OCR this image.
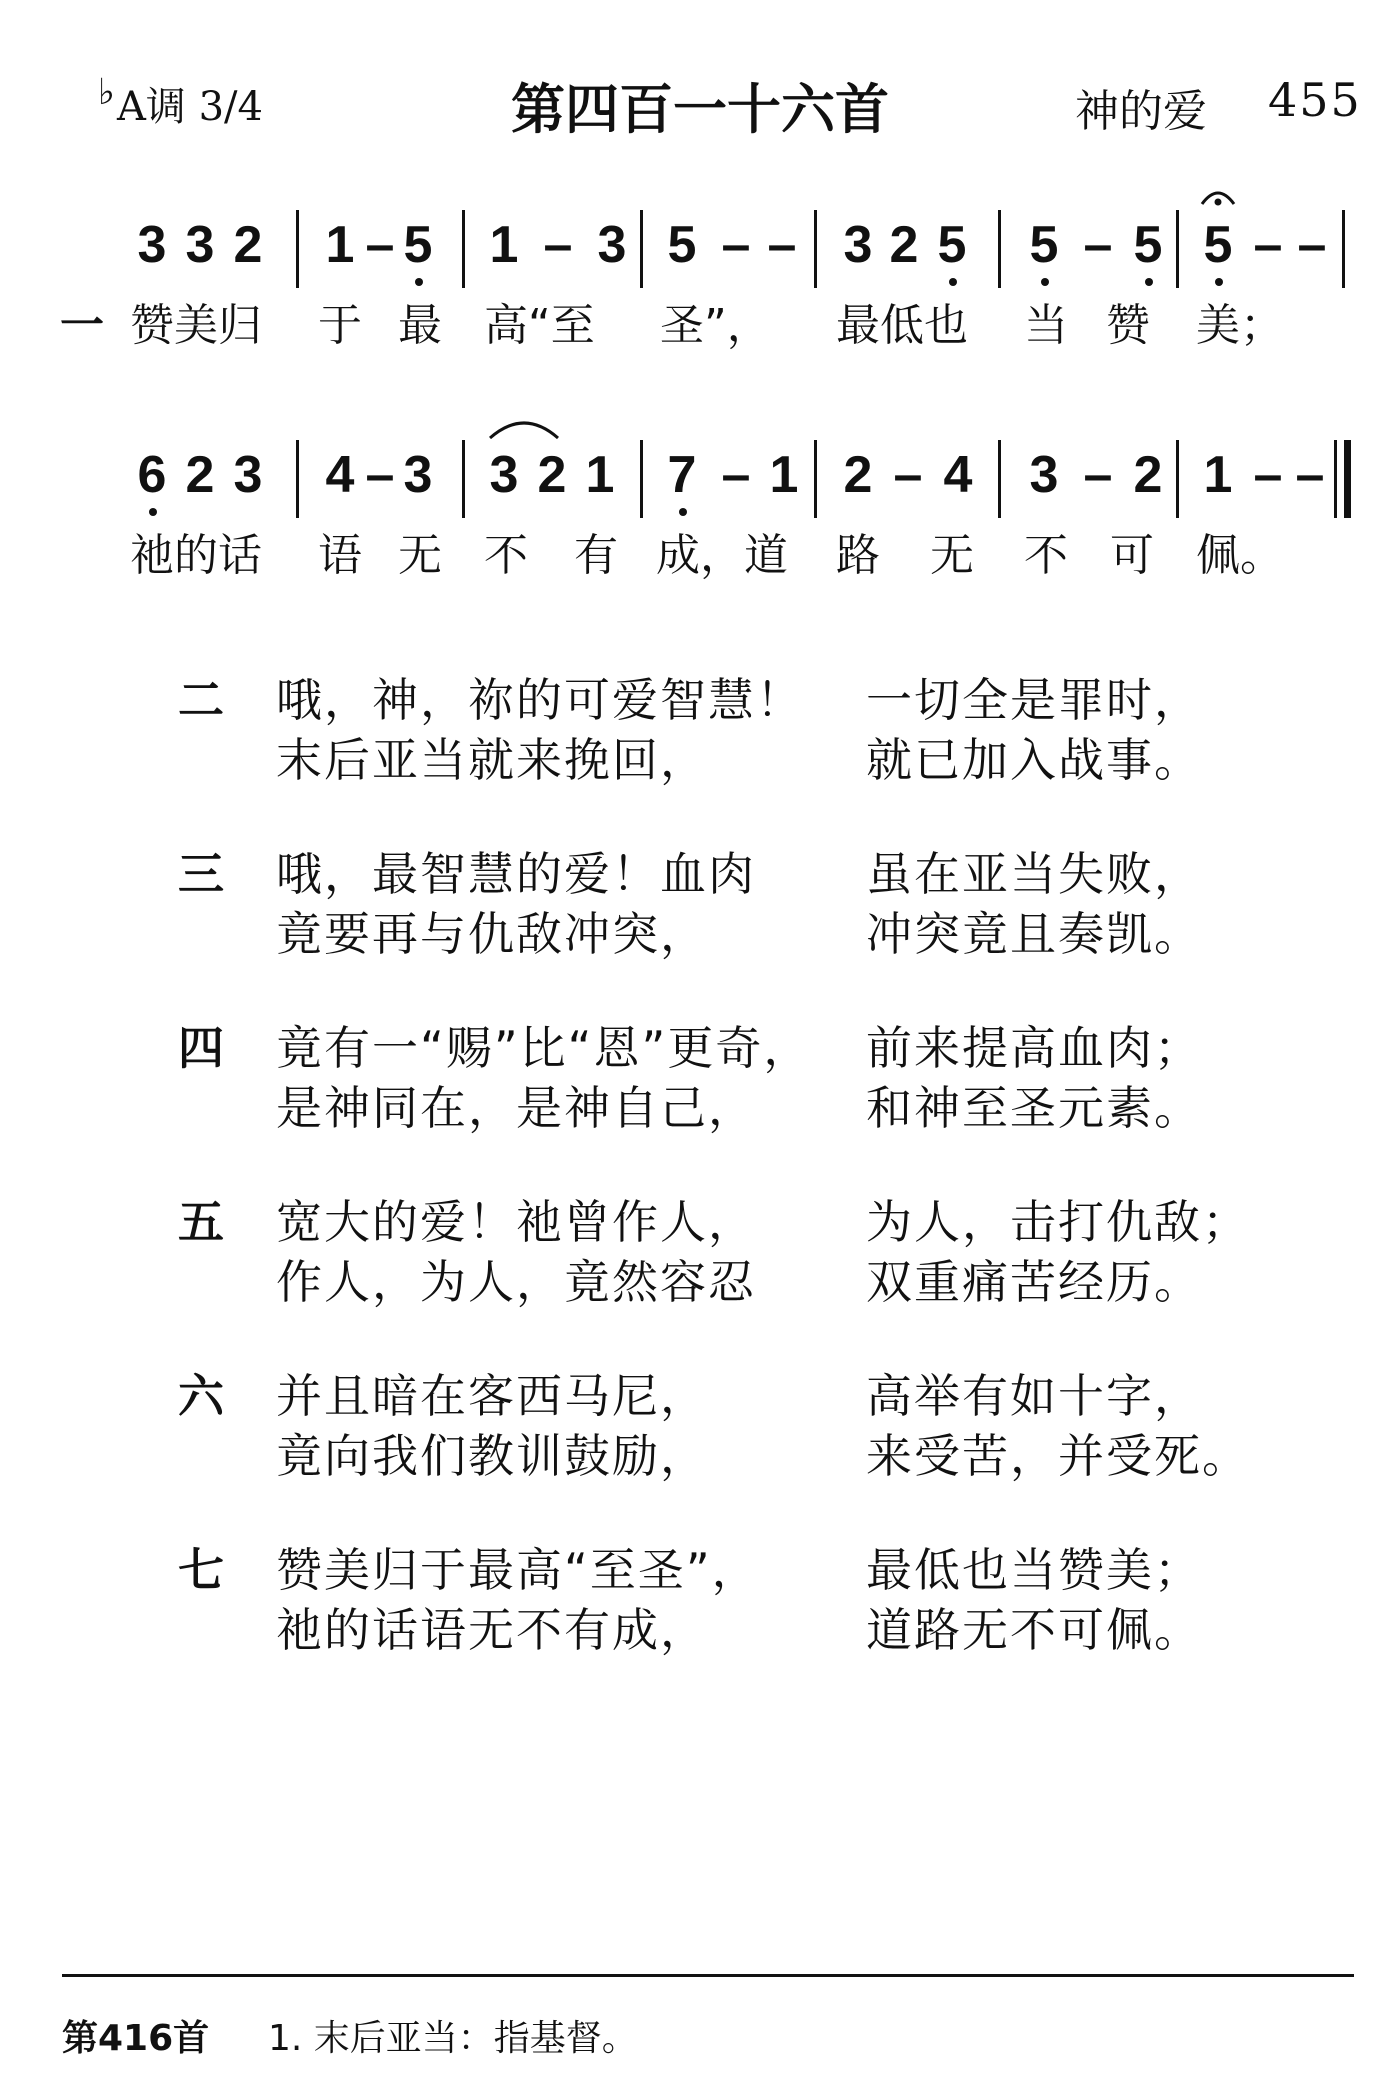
♭A调 3/4	第四百一十六首	神的爱 455
3 3 2 1 – 5 1 – 3 5 – – 3 2 5 5 – 5 5 – –
一 赞美归 于 最 高“至 圣”， 最低也 当 赞 美；
6 2 3 4 – 3 3 2 1 7 – 1 2 – 4 3 – 2 1 – –
祂的话 语 无 不 有 成，道 路 无 不 可 佩。
二 哦，神，祢的可爱智慧！
末后亚当就来挽回，
一切全是罪时，
就已加入战事。
三 哦，最智慧的爱！血肉
竟要再与仇敌冲突，
虽在亚当失败，
冲突竟且奏凯。
四 竟有一“赐”比“恩”更奇，
是神同在，是神自己，
前来提高血肉；
和神至圣元素。
五 宽大的爱！祂曾作人，
作人，为人，竟然容忍
为人，击打仇敌；
双重痛苦经历。
六 并且暗在客西马尼，
竟向我们教训鼓励，
高举有如十字，
来受苦，并受死。
七 赞美归于最高“至圣”，
祂的话语无不有成，
最低也当赞美；
道路无不可佩。
第416首 1. 末后亚当：指基督。
